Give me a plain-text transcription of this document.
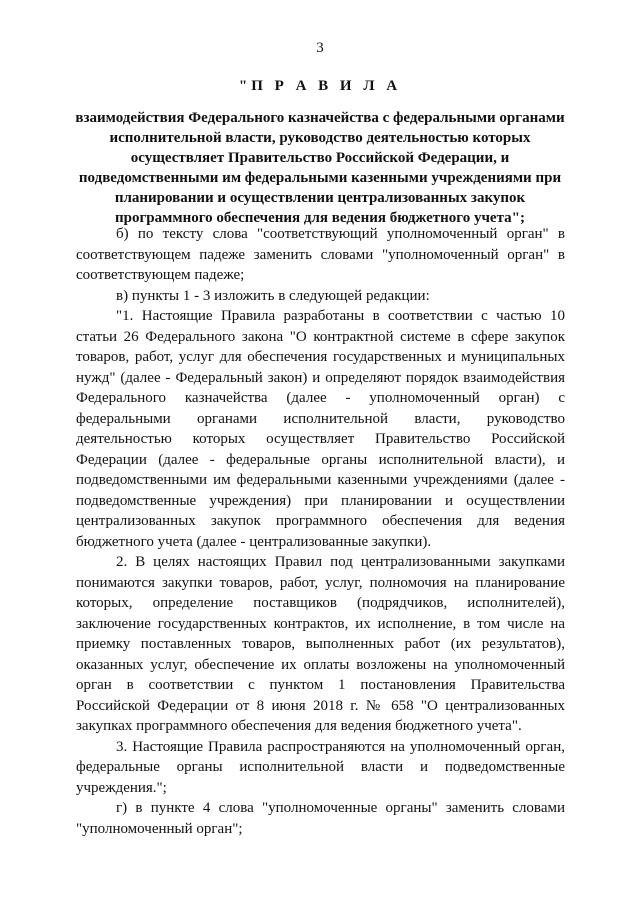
3
"П Р А В И Л А
взаимодействия Федерального казначейства с федеральными органами исполнительной власти, руководство деятельностью которых осуществляет Правительство Российской Федерации, и подведомственными им федеральными казенными учреждениями при планировании и осуществлении централизованных закупок программного обеспечения для ведения бюджетного учета";

б) по тексту слова "соответствующий уполномоченный орган" в соответствующем падеже заменить словами "уполномоченный орган" в соответствующем падеже;

в) пункты 1 - 3 изложить в следующей редакции:

"1. Настоящие Правила разработаны в соответствии с частью 10 статьи 26 Федерального закона "О контрактной системе в сфере закупок товаров, работ, услуг для обеспечения государственных и муниципальных нужд" (далее - Федеральный закон) и определяют порядок взаимодействия Федерального казначейства (далее - уполномоченный орган) с федеральными органами исполнительной власти, руководство деятельностью которых осуществляет Правительство Российской Федерации (далее - федеральные органы исполнительной власти), и подведомственными им федеральными казенными учреждениями (далее - подведомственные учреждения) при планировании и осуществлении централизованных закупок программного обеспечения для ведения бюджетного учета (далее - централизованные закупки).

2. В целях настоящих Правил под централизованными закупками понимаются закупки товаров, работ, услуг, полномочия на планирование которых, определение поставщиков (подрядчиков, исполнителей), заключение государственных контрактов, их исполнение, в том числе на приемку поставленных товаров, выполненных работ (их результатов), оказанных услуг, обеспечение их оплаты возложены на уполномоченный орган в соответствии с пунктом 1 постановления Правительства Российской Федерации от 8 июня 2018 г. № 658 "О централизованных закупках программного обеспечения для ведения бюджетного учета".

3. Настоящие Правила распространяются на уполномоченный орган, федеральные органы исполнительной власти и подведомственные учреждения.";

г) в пункте 4 слова "уполномоченные органы" заменить словами "уполномоченный орган";
